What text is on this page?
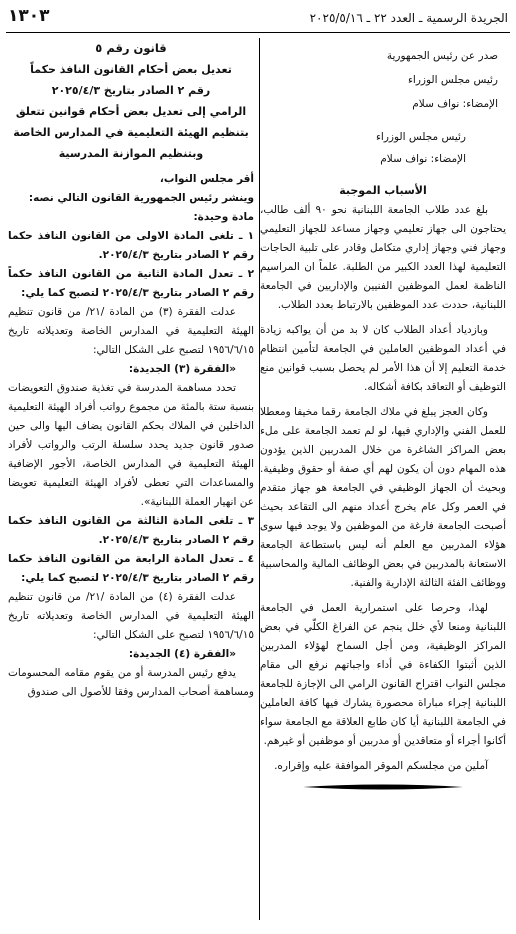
الجريدة الرسمية ـ العدد ٢٢ ـ ٢٠٢٥/٥/١٦
١٣٠٣
صدر عن رئيس الجمهورية
رئيس مجلس الوزراء
الإمضاء: نواف سلام
رئيس مجلس الوزراء
الإمضاء: نواف سلام
الأسباب الموجبة

بلغ عدد طلاب الجامعة اللبنانية نحو ٩٠ ألف طالب، يحتاجون الى جهاز تعليمي وجهاز مساعد للجهاز التعليمي وجهاز فني وجهاز إداري متكامل وقادر على تلبية الحاجات التعليمية لهذا العدد الكبير من الطلبة. علماً ان المراسيم الناظمة لعمل الموظفين الفنيين والإداريين في الجامعة اللبنانية، حددت عدد الموظفين بالارتباط بعدد الطلاب.

وبازدياد أعداد الطلاب كان لا بد من أن يواكبه زيادة في أعداد الموظفين العاملين في الجامعة لتأمين انتظام خدمة التعليم إلا أن هذا الأمر لم يحصل بسبب قوانين منع التوظيف أو التعاقد بكافة أشكاله.

وكان العجز يبلغ في ملاك الجامعة رقما مخيفا ومعطلا للعمل الفني والإداري فيها، لو لم تعمد الجامعة على ملء بعض المراكز الشاغرة من خلال المدربين الذين يؤدون هذه المهام دون أن يكون لهم أي صفة أو حقوق وظيفية. وبحيث أن الجهاز الوظيفي في الجامعة هو جهاز متقدم في العمر وكل عام يخرج أعداد منهم الى التقاعد بحيث أصبحت الجامعة فارغة من الموظفين ولا يوجد فيها سوى هؤلاء المدربين مع العلم أنه ليس باستطاعة الجامعة الاستعانة بالمدربين في بعض الوظائف المالية والمحاسبية ووظائف الفئة الثالثة الإدارية والفنية.

لهذا، وحرصا على استمرارية العمل في الجامعة اللبنانية ومنعا لأي خلل ينجم عن الفراغ الكلّي في بعض المراكز الوظيفية، ومن أجل السماح لهؤلاء المدربين الذين أثبتوا الكفاءة في أداء واجباتهم نرفع الى مقام مجلس النواب اقتراح القانون الرامي الى الإجازة للجامعة اللبنانية إجراء مباراة محصورة يشارك فيها كافة العاملين في الجامعة اللبنانية أيا كان طابع العلاقة مع الجامعة سواء أكانوا أجراء أو متعاقدين أو مدربين أو موظفين أو غيرهم.

آملين من مجلسكم الموقر الموافقة عليه وإقراره.

قانون رقم ٥

تعديل بعض أحكام القانون النافذ حكماً

رقم ٢ الصادر بتاريخ ٢٠٢٥/٤/٣

الرامي إلى تعديل بعض أحكام قوانين تتعلق

بتنظيم الهيئة التعليمية في المدارس الخاصة

وبتنظيم الموازنة المدرسية

أقر مجلس النواب،

وينشر رئيس الجمهورية القانون التالي نصه:

مادة وحيدة:

١ ـ تلغى المادة الاولى من القانون النافذ حكما رقم ٢ الصادر بتاريخ ٢٠٢٥/٤/٣.

٢ ـ تعدل المادة الثانية من القانون النافذ حكماً رقم ٢ الصادر بتاريخ ٢٠٢٥/٤/٣ لتصبح كما يلي:

عدلت الفقرة (٣) من المادة /٢١/ من قانون تنظيم الهيئة التعليمية في المدارس الخاصة وتعديلاته تاريخ ١٩٥٦/٦/١٥ لتصبح على الشكل التالي:

«الفقرة (٣) الجديدة:

تحدد مساهمة المدرسة في تغذية صندوق التعويضات بنسبة ستة بالمئة من مجموع رواتب أفراد الهيئة التعليمية الداخلين في الملاك بحكم القانون يضاف اليها والى حين صدور قانون جديد يحدد سلسلة الرتب والرواتب لأفراد الهيئة التعليمية في المدارس الخاصة، الأجور الإضافية والمساعدات التي تعطى لأفراد الهيئة التعليمية تعويضا عن انهيار العملة اللبنانية».

٣ ـ تلغى المادة الثالثة من القانون النافذ حكما رقم ٢ الصادر بتاريخ ٢٠٢٥/٤/٣.

٤ ـ تعدل المادة الرابعة من القانون النافذ حكما رقم ٢ الصادر بتاريخ ٢٠٢٥/٤/٣ لتصبح كما يلي:

عدلت الفقرة (٤) من المادة /٢١/ من قانون تنظيم الهيئة التعليمية في المدارس الخاصة وتعديلاته تاريخ ١٩٥٦/٦/١٥ لتصبح على الشكل التالي:

«الفقرة (٤) الجديدة:

يدفع رئيس المدرسة أو من يقوم مقامه المحسومات ومساهمة أصحاب المدارس وفقا للأصول الى صندوق
